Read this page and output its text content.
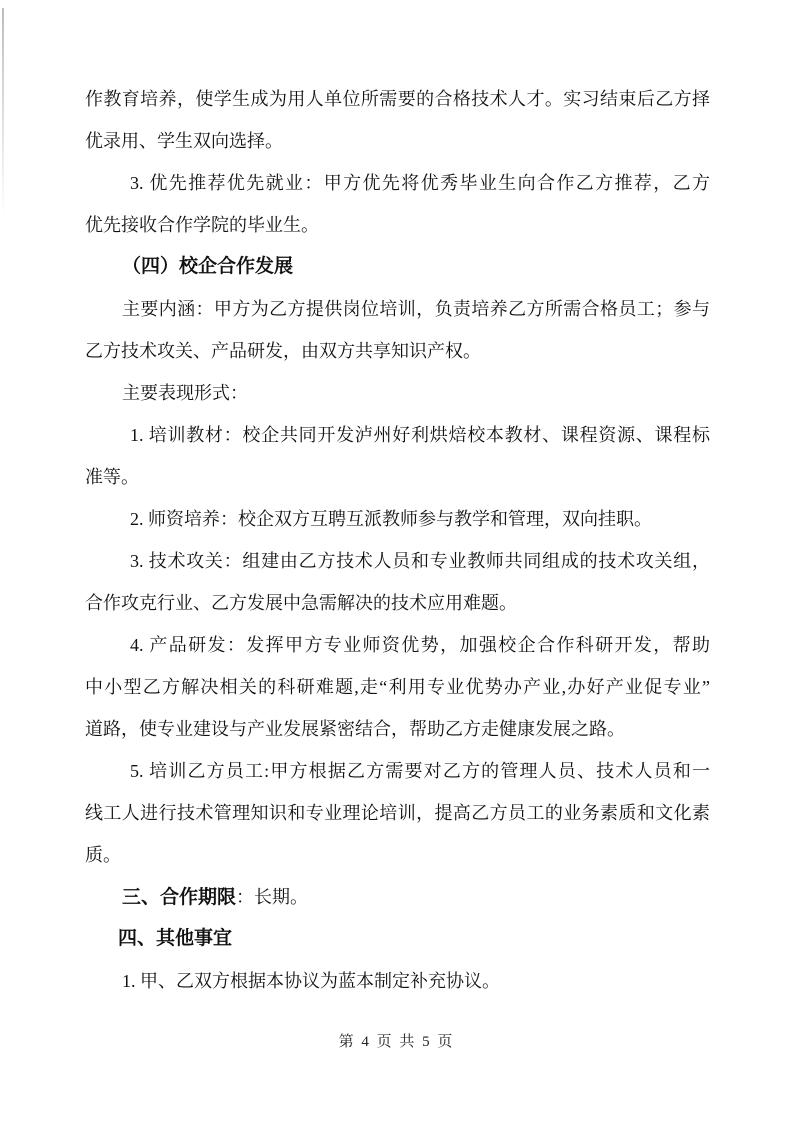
作教育培养，使学生成为用人单位所需要的合格技术人才。实习结束后乙方择
优录用、学生双向选择。
3. 优先推荐优先就业：甲方优先将优秀毕业生向合作乙方推荐，乙方
优先接收合作学院的毕业生。
（四）校企合作发展
主要内涵：甲方为乙方提供岗位培训，负责培养乙方所需合格员工；参与
乙方技术攻关、产品研发，由双方共享知识产权。
主要表现形式：
1. 培训教材：校企共同开发泸州好利烘焙校本教材、课程资源、课程标
准等。
2. 师资培养：校企双方互聘互派教师参与教学和管理，双向挂职。
3. 技术攻关：组建由乙方技术人员和专业教师共同组成的技术攻关组，
合作攻克行业、乙方发展中急需解决的技术应用难题。
4. 产品研发：发挥甲方专业师资优势，加强校企合作科研开发，帮助
中小型乙方解决相关的科研难题,走“利用专业优势办产业,办好产业促专业”
道路，使专业建设与产业发展紧密结合，帮助乙方走健康发展之路。
5. 培训乙方员工:甲方根据乙方需要对乙方的管理人员、技术人员和一
线工人进行技术管理知识和专业理论培训，提高乙方员工的业务素质和文化素
质。
三、合作期限：长期。
四、其他事宜
1. 甲、乙双方根据本协议为蓝本制定补充协议。
第 4 页 共 5 页
